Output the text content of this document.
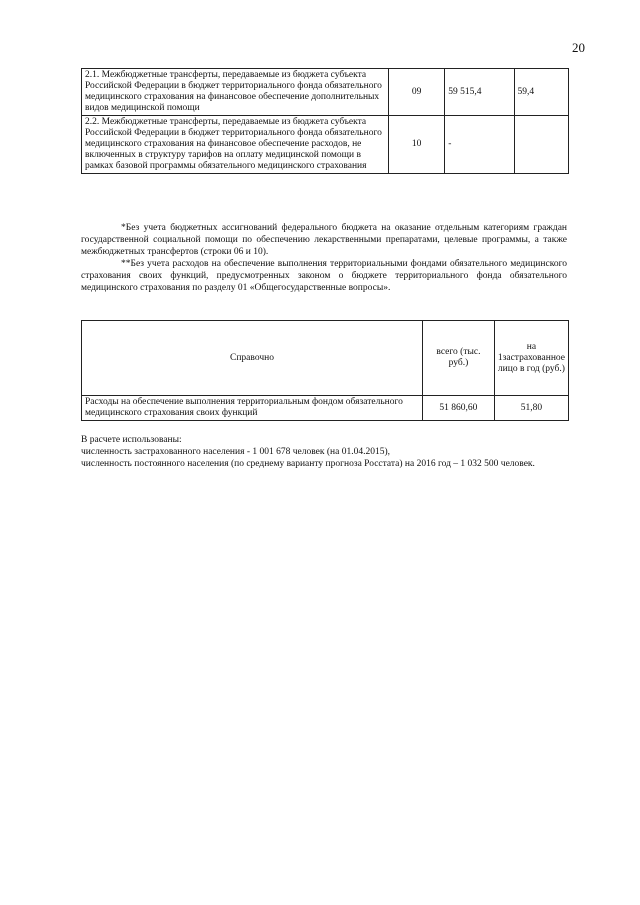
20
2.1. Межбюджетные трансферты, передаваемые из бюджета субъекта Российской Федерации в бюджет территориального фонда обязательного медицинского страхования на финансовое обеспечение дополнительных видов медицинской помощи	09	59 515,4	59,4
2.2. Межбюджетные трансферты, передаваемые из бюджета субъекта Российской Федерации в бюджет территориального фонда обязательного медицинского страхования на финансовое обеспечение расходов, не включенных в структуру тарифов на оплату медицинской помощи в рамках базовой программы обязательного медицинского страхования	10	-	

*Без учета бюджетных ассигнований федерального бюджета на оказание отдельным категориям граждан государственной социальной помощи по обеспечению лекарственными препаратами, целевые программы, а также межбюджетных трансфертов (строки 06 и 10).

**Без учета расходов на обеспечение выполнения территориальными фондами обязательного медицинского страхования своих функций, предусмотренных законом о бюджете территориального фонда обязательного медицинского страхования по разделу 01 «Общегосударственные вопросы».

Справочно	всего (тыс. руб.)	на 1застрахованное лицо в год (руб.)
Расходы на обеспечение выполнения территориальным фондом обязательного медицинского страхования своих функций	51 860,60	51,80

В расчете использованы:

численность застрахованного населения - 1 001 678 человек (на 01.04.2015),

численность постоянного населения (по среднему варианту прогноза Росстата) на 2016 год – 1 032 500 человек.
